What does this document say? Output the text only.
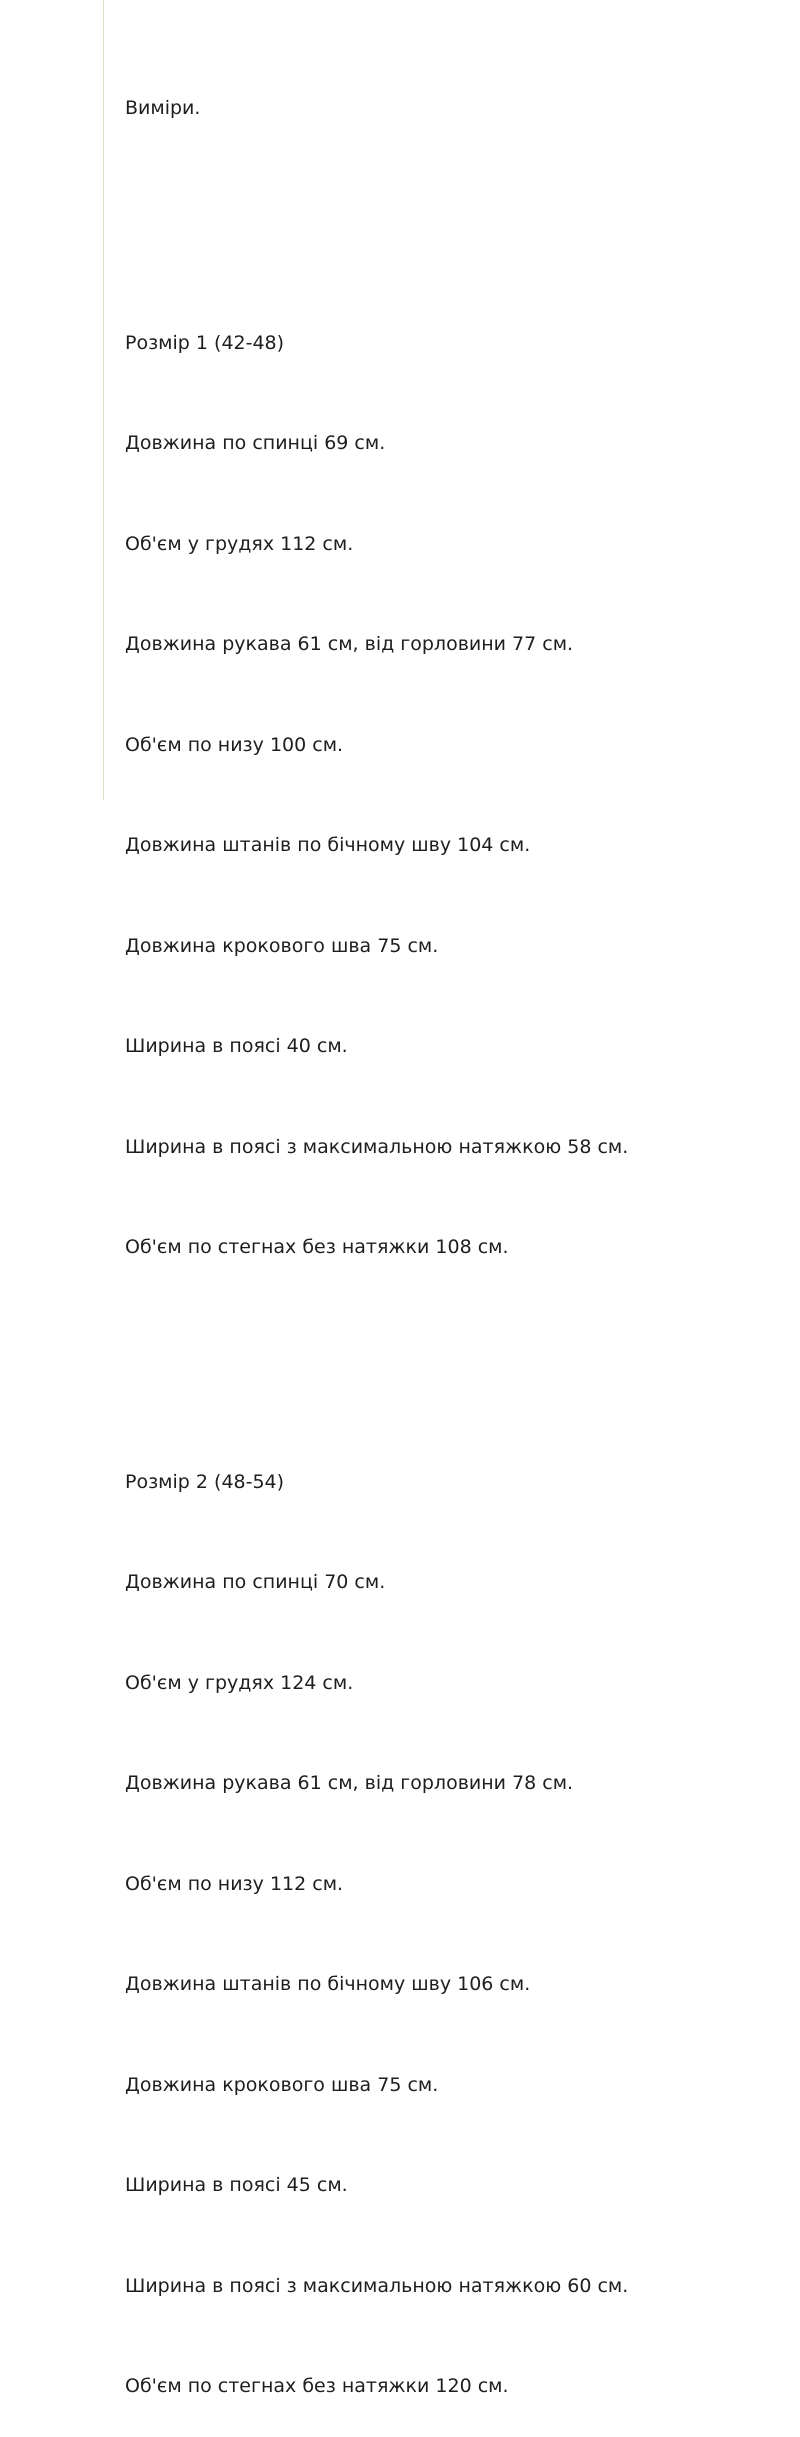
Виміри.

Розмір 1 (42-48)

Довжина по спинці 69 см.

Об'єм у грудях 112 см.

Довжина рукава 61 см, від горловини 77 см.

Об'єм по низу 100 см.

Довжина штанів по бічному шву 104 см.

Довжина крокового шва 75 см.

Ширина в поясі 40 см.

Ширина в поясі з максимальною натяжкою 58 см.

Об'єм по стегнах без натяжки 108 см.

Розмір 2 (48-54)

Довжина по спинці 70 см.

Об'єм у грудях 124 см.

Довжина рукава 61 см, від горловини 78 см.

Об'єм по низу 112 см.

Довжина штанів по бічному шву 106 см.

Довжина крокового шва 75 см.

Ширина в поясі 45 см.

Ширина в поясі з максимальною натяжкою 60 см.

Об'єм по стегнах без натяжки 120 см.
